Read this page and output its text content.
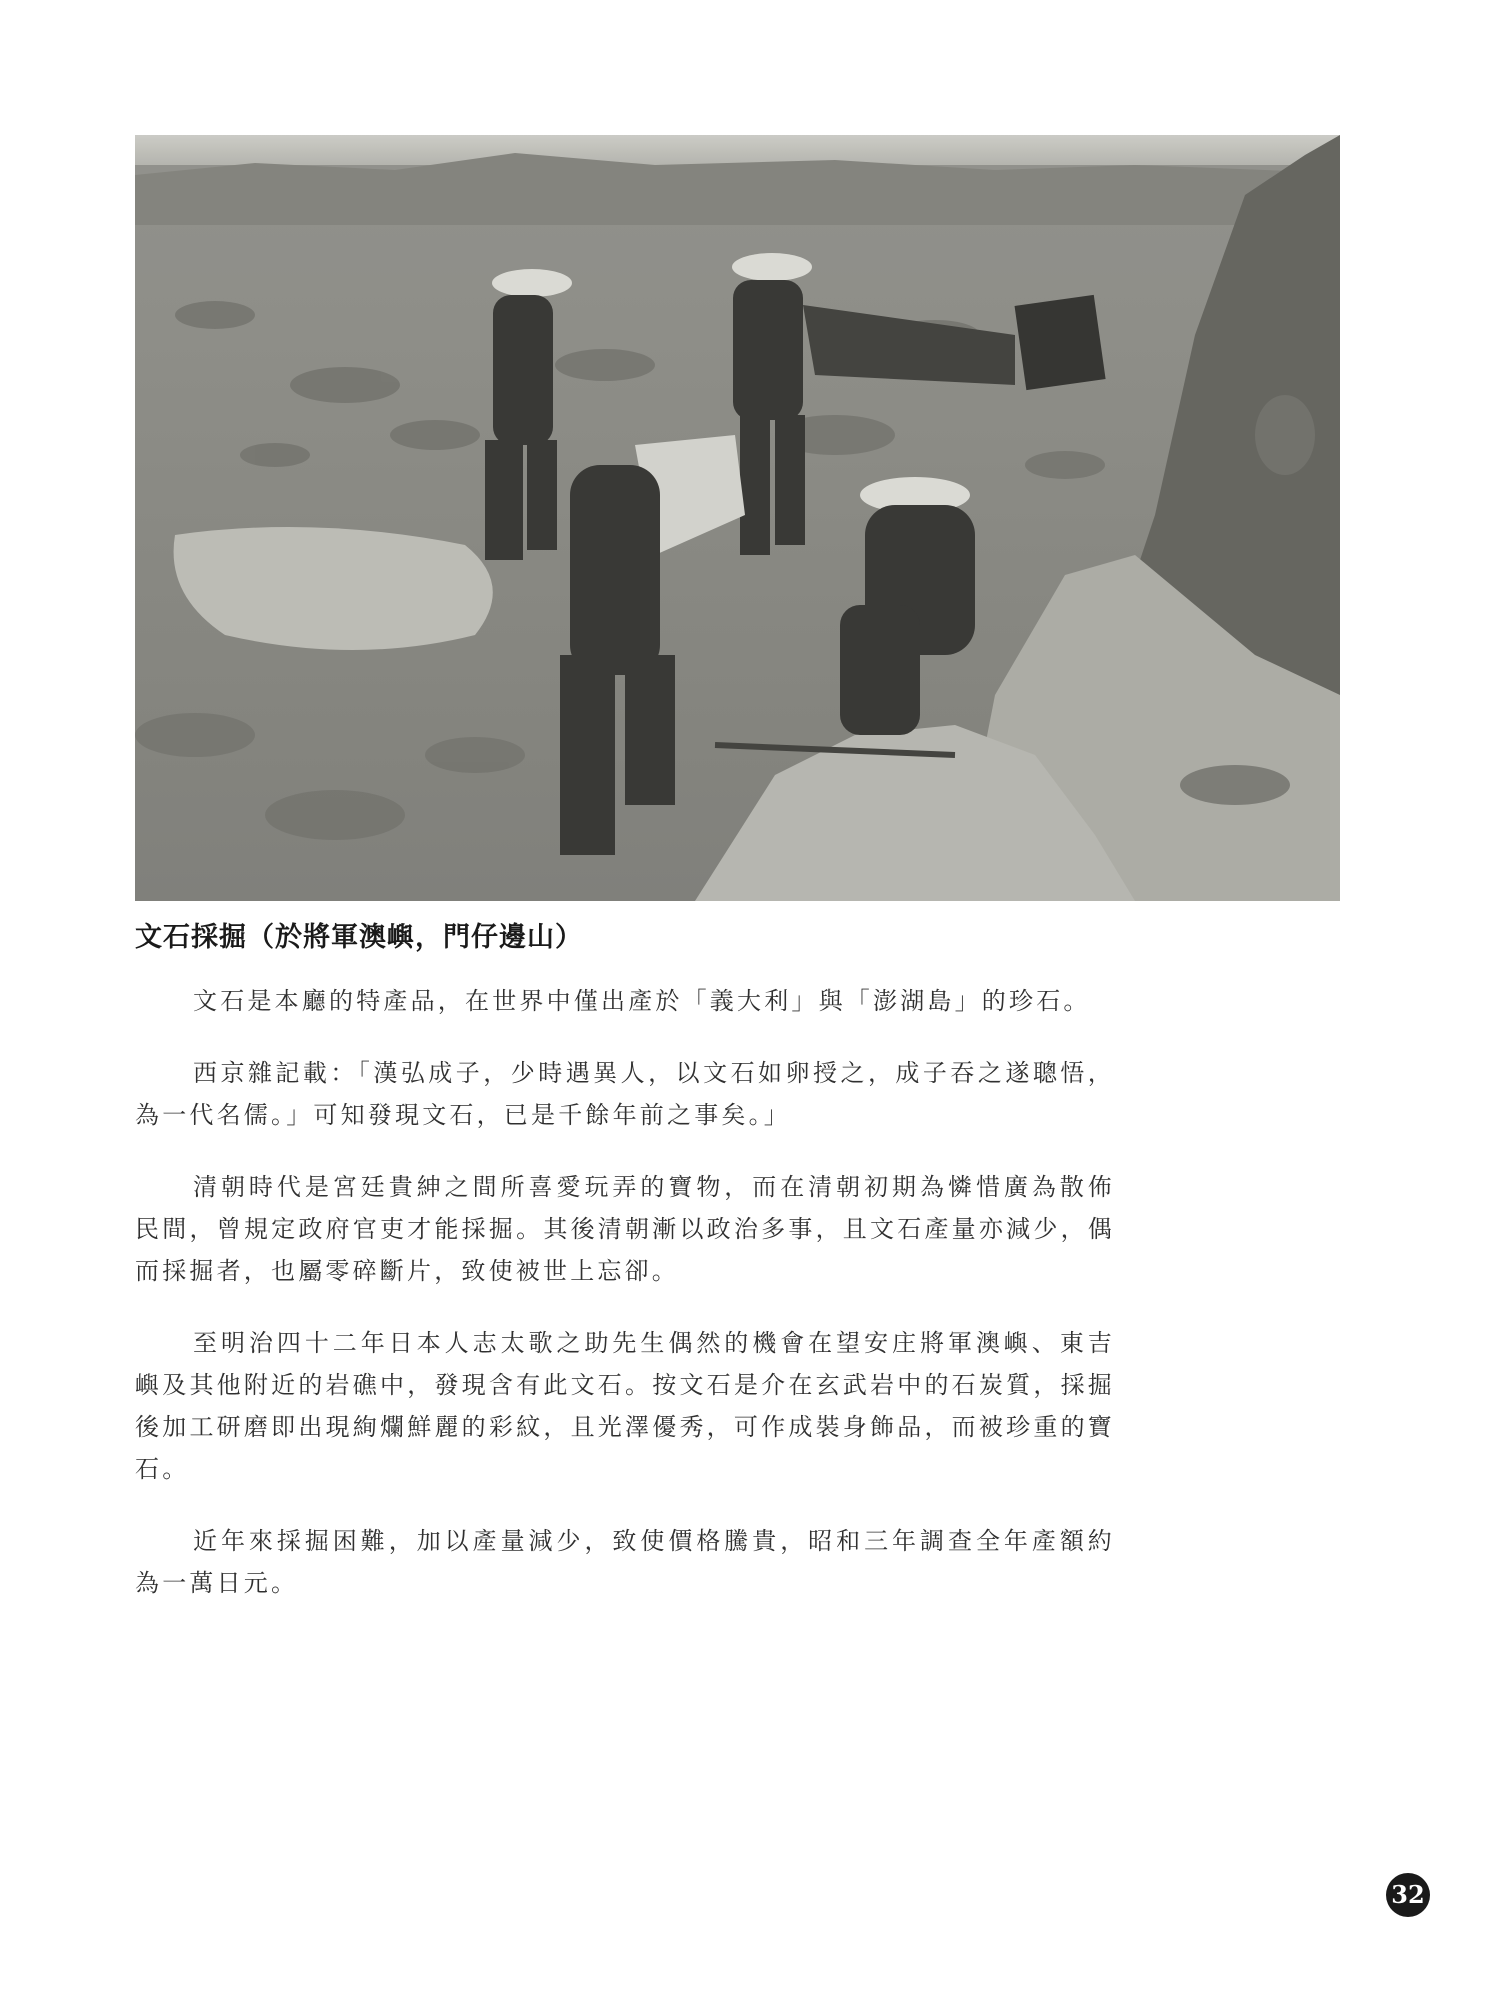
文石採掘（於將軍澳嶼，門仔邊山）

文石是本廳的特產品，在世界中僅出產於「義大利」與「澎湖島」的珍石。

西京雜記載：「漢弘成子，少時遇異人，以文石如卵授之，成子吞之遂聰悟，為一代名儒。」可知發現文石，已是千餘年前之事矣。」

清朝時代是宮廷貴紳之間所喜愛玩弄的寶物，而在清朝初期為憐惜廣為散佈民間，曾規定政府官吏才能採掘。其後清朝漸以政治多事，且文石產量亦減少，偶而採掘者，也屬零碎斷片，致使被世上忘卻。

至明治四十二年日本人志太歌之助先生偶然的機會在望安庄將軍澳嶼、東吉嶼及其他附近的岩礁中，發現含有此文石。按文石是介在玄武岩中的石炭質，採掘後加工研磨即出現絢爛鮮麗的彩紋，且光澤優秀，可作成裝身飾品，而被珍重的寶石。

近年來採掘困難，加以產量減少，致使價格騰貴，昭和三年調查全年產額約為一萬日元。

32
